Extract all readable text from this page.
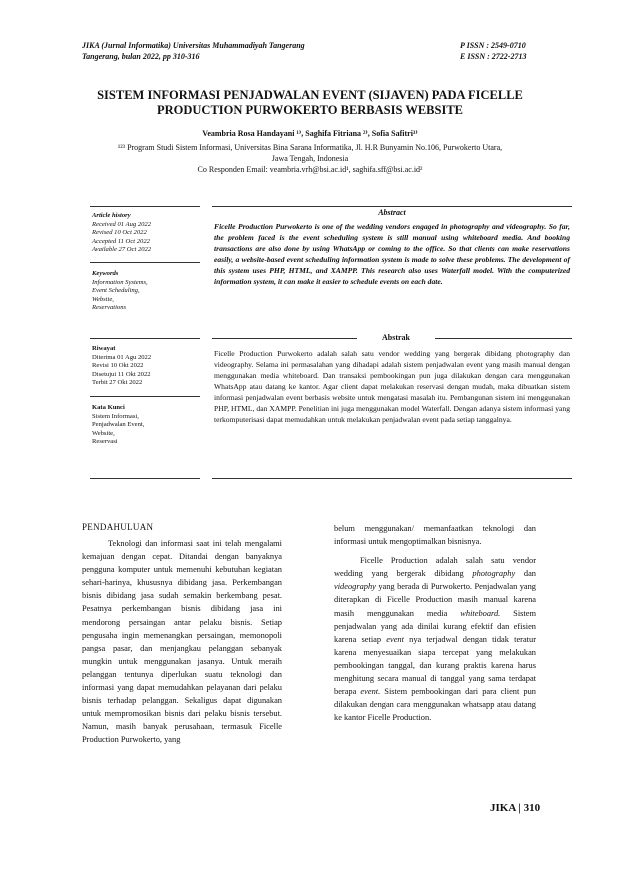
JIKA (Jurnal Informatika) Universitas Muhammadiyah Tangerang
Tangerang, bulan 2022, pp 310-316
P ISSN : 2549-0710
E ISSN : 2722-2713
SISTEM INFORMASI PENJADWALAN EVENT (SIJAVEN) PADA FICELLE
PRODUCTION PURWOKERTO BERBASIS WEBSITE
Veambria Rosa Handayani ¹⁾, Saghifa Fitriana ²⁾, Sofia Safitri³⁾
¹²³ Program Studi Sistem Informasi, Universitas Bina Sarana Informatika, Jl. H.R Bunyamin No.106, Purwokerto Utara,
Jawa Tengah, Indonesia
Co Responden Email: veambria.vrh@bsi.ac.id¹, saghifa.sff@bsi.ac.id²
Article history
Received 01 Aug 2022
Revised 10 Oct 2022
Accepted 11 Oct 2022
Available 27 Oct 2022
Keywords
Information Systems,
Event Scheduling,
Website,
Reservations
Abstract
Ficelle Production Purwokerto is one of the wedding vendors engaged in photography and videography. So far, the problem faced is the event scheduling system is still manual using whiteboard media. And booking transactions are also done by using WhatsApp or coming to the office. So that clients can make reservations easily, a website-based event scheduling information system is made to solve these problems. The development of this system uses PHP, HTML, and XAMPP. This research also uses Waterfall model. With the computerized information system, it can make it easier to schedule events on each date.
Riwayat
Diterima 01 Agu 2022
Revisi 10 Okt 2022
Disetujui 11 Okt 2022
Terbit 27 Okt 2022
Kata Kunci
Sistem Informasi,
Penjadwalan Event,
Website,
Reservasi
Abstrak
Ficelle Production Purwokerto adalah salah satu vendor wedding yang bergerak dibidang photography dan videography. Selama ini permasalahan yang dihadapi adalah sistem penjadwalan event yang masih manual dengan menggunakan media whiteboard. Dan transaksi pembookingan pun juga dilakukan dengan cara menggunakan WhatsApp atau datang ke kantor. Agar client dapat melakukan reservasi dengan mudah, maka dibuatkan sistem informasi penjadwalan event berbasis website untuk mengatasi masalah itu. Pembangunan sistem ini menggunakan PHP, HTML, dan XAMPP. Penelitian ini juga menggunakan model Waterfall. Dengan adanya sistem informasi yang terkomputerisasi dapat memudahkan untuk melakukan penjadwalan event pada setiap tanggalnya.
PENDAHULUAN

Teknologi dan informasi saat ini telah mengalami kemajuan dengan cepat. Ditandai dengan banyaknya pengguna komputer untuk memenuhi kebutuhan kegiatan sehari-harinya, khususnya dibidang jasa. Perkembangan bisnis dibidang jasa sudah semakin berkembang pesat. Pesatnya perkembangan bisnis dibidang jasa ini mendorong persaingan antar pelaku bisnis. Setiap pengusaha ingin memenangkan persaingan, memonopoli pangsa pasar, dan menjangkau pelanggan sebanyak mungkin untuk menggunakan jasanya. Untuk meraih pelanggan tentunya diperlukan suatu teknologi dan informasi yang dapat memudahkan pelayanan dari pelaku bisnis terhadap pelanggan. Sekaligus dapat digunakan untuk mempromosikan bisnis dari pelaku bisnis tersebut. Namun, masih banyak perusahaan, termasuk Ficelle Production Purwokerto, yang

belum menggunakan/ memanfaatkan teknologi dan informasi untuk mengoptimalkan bisnisnya.

Ficelle Production adalah salah satu vendor wedding yang bergerak dibidang photography dan videography yang berada di Purwokerto. Penjadwalan yang diterapkan di Ficelle Production masih manual karena masih menggunakan media whiteboard. Sistem penjadwalan yang ada dinilai kurang efektif dan efisien karena setiap event nya terjadwal dengan tidak teratur karena menyesuaikan siapa tercepat yang melakukan pembookingan tanggal, dan kurang praktis karena harus menghitung secara manual di tanggal yang sama terdapat berapa event. Sistem pembookingan dari para client pun dilakukan dengan cara menggunakan whatsapp atau datang ke kantor Ficelle Production.

JIKA | 310
